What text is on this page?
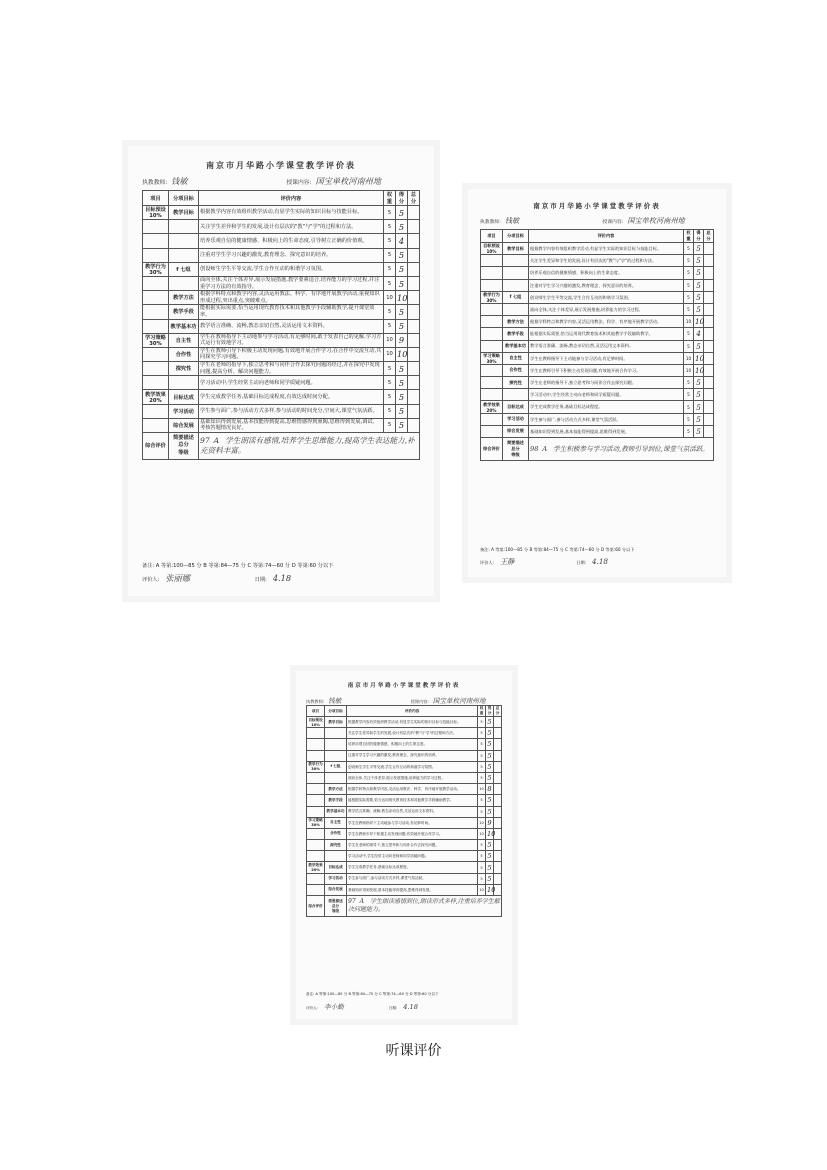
南京市月华路小学课堂教学评价表
执教教师: 钱敏	授课内容: 国宝单枚河南州地
项目	分项目标	评价内容	权重	得分	总分
目标预设10%	教学目标	根据教学内容有效组织教学活动,有显学生实际的知识目标与技能目标。	5	5	
		关注学生差异和学生的发展,设计有层次的"教"与"学"的过程和方法。	5	5	
		培养乐观自信的健康情感、积极向上的生命态度,引导树立正确的价值观。	5	4	
		注重对学生学习兴趣的激发,教育理念、探究意识的培养。	5	5	
教学行为30%	f 七组	创设师生学生平等交流,学生合作互动的和谐学习氛围。	5	5	
		面向全体,关注个体差异,展示发展措施,教学要素适合,培养能力的学习过程,并注重学习方法的有效指导。	5	5	
	教学方法	根据学科特点和教学内容,灵活运用教法、科学、有序地开展教学活动,重视知识形成过程,突出重点,突破难点。	10	10	
	教学手段	能根据实际需要,恰当运用现代教育技术和其他教学手段辅助教学,提升课堂效率。	5	5	
	教学基本功	教学语言准确、流畅,教态亲切自然,灵活运用文本资料。	5	5	
学习策略30%	自主性	学生在教师指导下主动地参与学习活动,有足够时间,敢于发表自己的见解,学习方式运行有效地学习。	10	9	
	合作性	学生在教师引导下积极主动发现问题,有效地开展合作学习,在合作中交流互动,共同探究学习问题。	10	10	
	探究性	学生在老师的指导下,独立思考和与同伴合作去探究问题的经过,并在探究中发现问题,提高分析、解决问题能力。	5	5	
		学习活动中,学生经常主动向老师和同学质疑问题。	5	5	
教学效果20%	目标达成	学生完成教学任务,基础目标达成程度,有效达成时间分配。	5	5	
	学习活动	学生参与面广,参与活动方式多样,参与活动的时间充分,空间大,课堂气氛活跃。	5	5	
	综合发展	基础知识得到发展,基本技能得到提高,思维情感得到熏陶,思维得到发展,调试、考核答题情况良好。	5	5	
综合评价	简要描述
总分
等级	97 A 学生朗读有感情,培养学生思维能力,提高学生表达能力,补充资料丰富。			
备注: A 等第:100—85 分 B 等第:84—75 分 C 等第:74—60 分 D 等第:60 分以下
评价人: 张丽娜	日期: 4.18
南京市月华路小学课堂教学评价表
执教教师: 钱敏	授课内容: 国宝单枚河南州地
项目	分项目标	评价内容	权重	得分	总分
目标预设10%	教学目标	根据教学内容有效组织教学活动,有显学生实际的知识目标与技能目标。	5	5	
		关注学生差异和学生的发展,设计有层次的"教"与"学"的过程和方法。	5	5	
		培养乐观自信的健康情感、积极向上的生命态度。	5	5	
		注重对学生学习兴趣的激发,教育理念、探究意识的培养。	5	5	
教学行为30%	f 七组	创设师生学生平等交流,学生合作互动的和谐学习氛围。	5	5	
		面向全体,关注个体差异,展示发展措施,培养能力的学习过程。	5	5	
	教学方法	根据学科特点和教学内容,灵活运用教法、科学、有序地开展教学活动。	10	10	
	教学手段	能根据实际需要,恰当运用现代教育技术和其他教学手段辅助教学。	5	4	
	教学基本功	教学语言准确、流畅,教态亲切自然,灵活运用文本资料。	5	5	
学习策略30%	自主性	学生在教师指导下主动地参与学习活动,有足够时间。	10	10	
	合作性	学生在教师引导下积极主动发现问题,有效地开展合作学习。	10	10	
	探究性	学生在老师的指导下,独立思考和与同伴合作去探究问题。	5	5	
		学习活动中,学生经常主动向老师和同学质疑问题。	5	5	
教学效果20%	目标达成	学生完成教学任务,基础目标达成程度。	5	5	
	学习活动	学生参与面广,参与活动方式多样,课堂气氛活跃。	5	5	
	综合发展	基础知识得到发展,基本技能得到提高,思维得到发展。	5	5	
综合评价	简要描述
总分
等级	98 A 学生积极参与学习活动,教师引导到位,课堂气氛活跃。			
备注: A 等第:100—85 分 B 等第:84—75 分 C 等第:74—60 分 D 等第:60 分以下
评价人: 王静	日期: 4.18
南京市月华路小学课堂教学评价表
执教教师: 钱敏	授课内容: 国宝单枚河南州地
项目	分项目标	评价内容	权重	得分	总分
目标预设10%	教学目标	根据教学内容有效组织教学活动,有显学生实际的知识目标与技能目标。	5	5	
		关注学生差异和学生的发展,设计有层次的"教"与"学"的过程和方法。	5	5	
		培养乐观自信的健康情感、积极向上的生命态度。	5	5	
		注重对学生学习兴趣的激发,教育理念、探究意识的培养。	5	5	
教学行为30%	f 七组	创设师生学生平等交流,学生合作互动的和谐学习氛围。	5	5	
		面向全体,关注个体差异,展示发展措施,培养能力的学习过程。	5	5	
	教学方法	根据学科特点和教学内容,灵活运用教法、科学、有序地开展教学活动。	10	8	
	教学手段	能根据实际需要,恰当运用现代教育技术和其他教学手段辅助教学。	5	5	
	教学基本功	教学语言准确、流畅,教态亲切自然,灵活运用文本资料。	5	5	
学习策略30%	自主性	学生在教师指导下主动地参与学习活动,有足够时间。	10	9	
	合作性	学生在教师引导下积极主动发现问题,有效地开展合作学习。	10	10	
	探究性	学生在老师的指导下,独立思考和与同伴合作去探究问题。	5	5	
		学习活动中,学生经常主动向老师和同学质疑问题。	5	5	
教学效果20%	目标达成	学生完成教学任务,基础目标达成程度。	5	5	
	学习活动	学生参与面广,参与活动方式多样,课堂气氛活跃。	5	5	
	综合发展	基础知识得到发展,基本技能得到提高,思维得到发展。	10	10	
综合评价	简要描述
总分
等级	97 A 学生朗读感情到位,朗读形式多样,注重培养学生解决问题能力。			
备注: A 等第:100—85 分 B 等第:84—75 分 C 等第:74—60 分 D 等第:60 分以下
评价人: 李小勤	日期: 4.18
听课评价
